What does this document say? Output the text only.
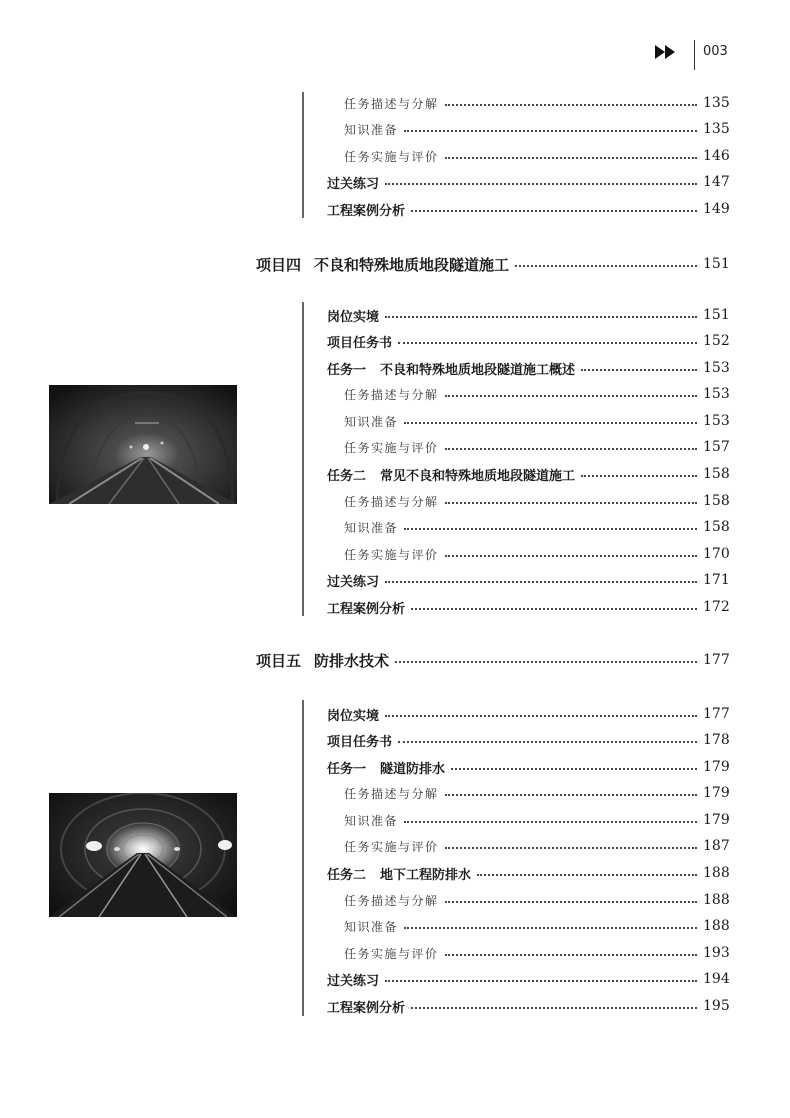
003
任务描述与分解	135
知识准备	135
任务实施与评价	146
过关练习	147
工程案例分析	149
项目四 不良和特殊地质地段隧道施工	151
岗位实境	151
项目任务书	152
任务一 不良和特殊地质地段隧道施工概述	153
任务描述与分解	153
知识准备	153
任务实施与评价	157
任务二 常见不良和特殊地质地段隧道施工	158
任务描述与分解	158
知识准备	158
任务实施与评价	170
过关练习	171
工程案例分析	172
项目五 防排水技术	177
岗位实境	177
项目任务书	178
任务一 隧道防排水	179
任务描述与分解	179
知识准备	179
任务实施与评价	187
任务二 地下工程防排水	188
任务描述与分解	188
知识准备	188
任务实施与评价	193
过关练习	194
工程案例分析	195
